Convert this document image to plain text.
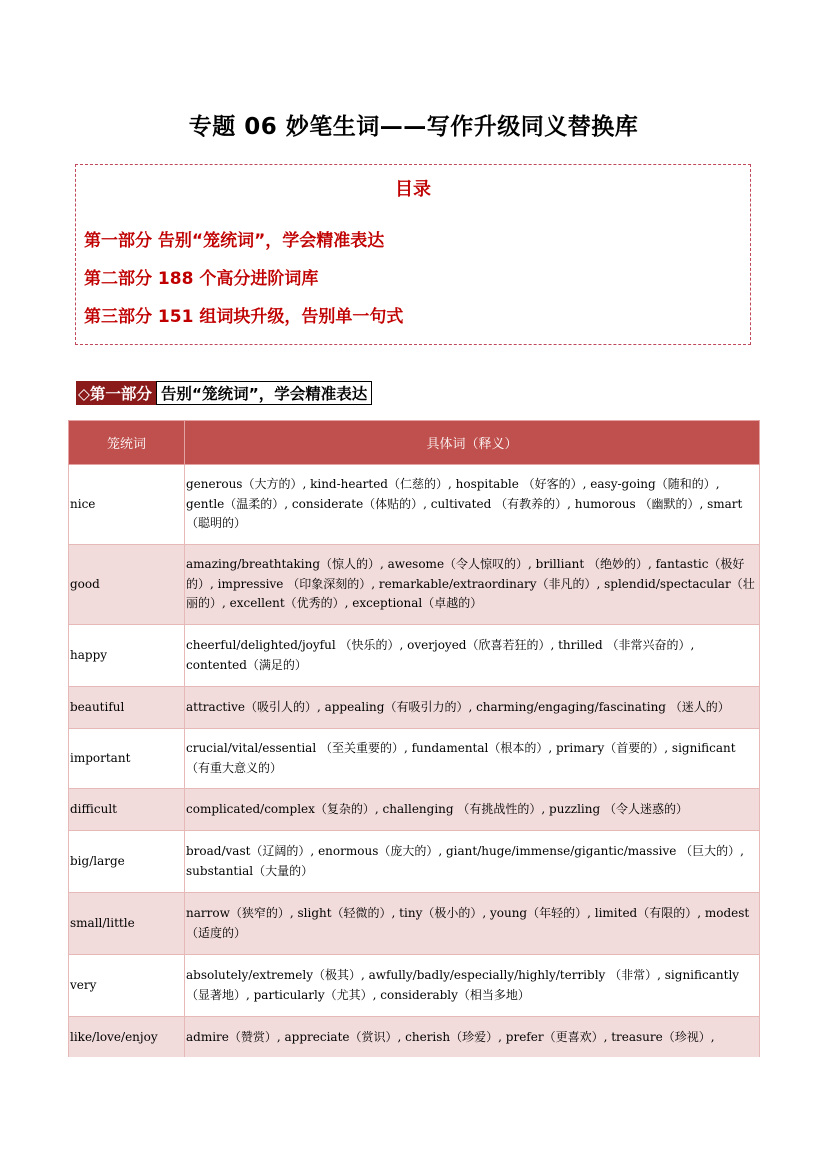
专题 06 妙笔生词——写作升级同义替换库
目录
第一部分 告别“笼统词”，学会精准表达
第二部分 188 个高分进阶词库
第三部分 151 组词块升级，告别单一句式
◇第一部分 告别“笼统词”，学会精准表达
笼统词	具体词（释义）
nice	generous（大方的）, kind-hearted（仁慈的）, hospitable （好客的）, easy-going（随和的）, gentle（温柔的）, considerate（体贴的）, cultivated （有教养的）, humorous （幽默的）, smart（聪明的）
good	amazing/breathtaking（惊人的）, awesome（令人惊叹的）, brilliant （绝妙的）, fantastic（极好的）, impressive （印象深刻的）, remarkable/extraordinary（非凡的）, splendid/spectacular（壮丽的）, excellent（优秀的）, exceptional（卓越的）
happy	cheerful/delighted/joyful （快乐的）, overjoyed（欣喜若狂的）, thrilled （非常兴奋的）, contented（满足的）
beautiful	attractive（吸引人的）, appealing（有吸引力的）, charming/engaging/fascinating （迷人的）
important	crucial/vital/essential （至关重要的）, fundamental（根本的）, primary（首要的）, significant （有重大意义的）
difficult	complicated/complex（复杂的）, challenging （有挑战性的）, puzzling （令人迷惑的）
big/large	broad/vast（辽阔的）, enormous（庞大的）, giant/huge/immense/gigantic/massive （巨大的）, substantial（大量的）
small/little	narrow（狭窄的）, slight（轻微的）, tiny（极小的）, young（年轻的）, limited（有限的）, modest（适度的）
very	absolutely/extremely（极其）, awfully/badly/especially/highly/terribly （非常）, significantly（显著地）, particularly（尤其）, considerably（相当多地）
like/love/enjoy	admire（赞赏）, appreciate（赏识）, cherish（珍爱）, prefer（更喜欢）, treasure（珍视）,
